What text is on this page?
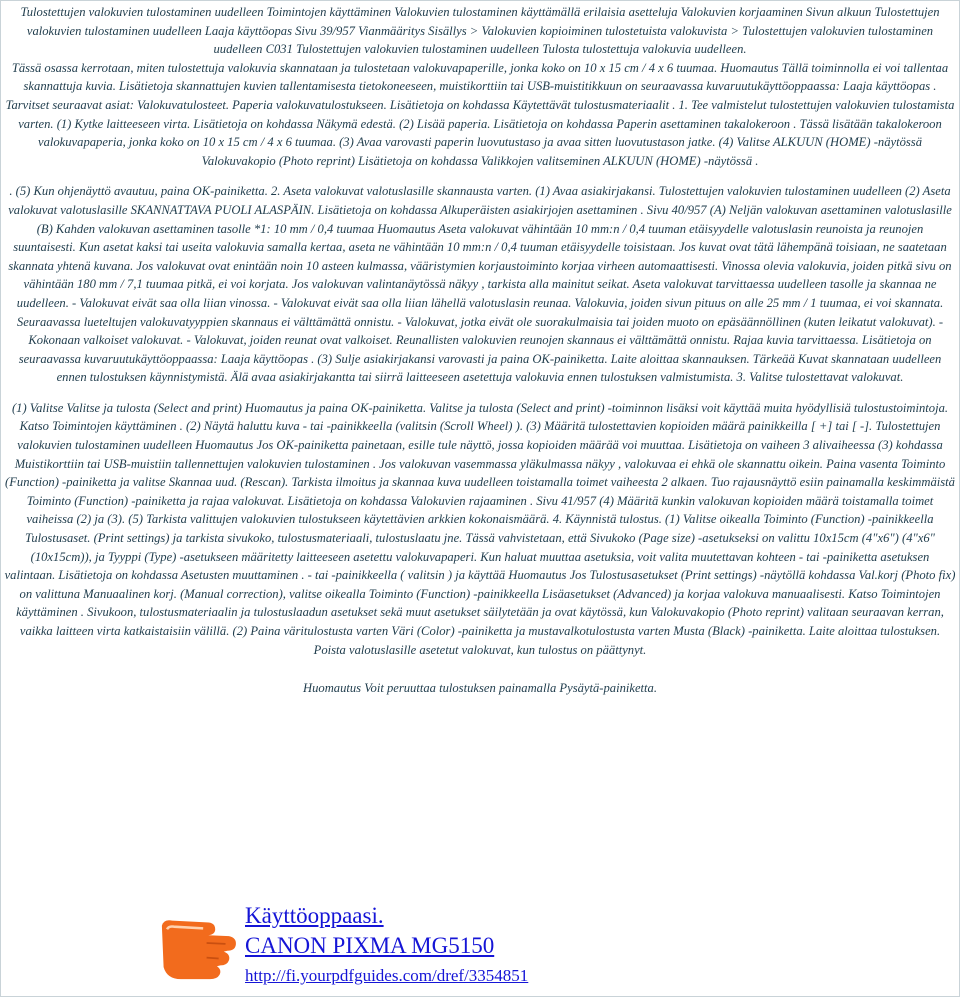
Tulostettujen valokuvien tulostaminen uudelleen Toimintojen käyttäminen Valokuvien tulostaminen käyttämällä erilaisia asetteluja Valokuvien korjaaminen Sivun alkuun Tulostettujen valokuvien tulostaminen uudelleen Laaja käyttöopas Sivu 39/957 Vianmääritys Sisällys > Valokuvien kopioiminen tulostetuista valokuvista > Tulostettujen valokuvien tulostaminen uudelleen C031 Tulostettujen valokuvien tulostaminen uudelleen Tulosta tulostettuja valokuvia uudelleen.

Tässä osassa kerrotaan, miten tulostettuja valokuvia skannataan ja tulostetaan valokuvapaperille, jonka koko on 10 x 15 cm / 4 x 6 tuumaa. Huomautus Tällä toiminnolla ei voi tallentaa skannattuja kuvia. Lisätietoja skannattujen kuvien tallentamisesta tietokoneeseen, muistikorttiin tai USB-muistitikkuun on seuraavassa kuvaruutukäyttöoppaassa: Laaja käyttöopas . Tarvitset seuraavat asiat: Valokuvatulosteet. Paperia valokuvatulostukseen. Lisätietoja on kohdassa Käytettävät tulostusmateriaalit . 1. Tee valmistelut tulostettujen valokuvien tulostamista varten. (1) Kytke laitteeseen virta. Lisätietoja on kohdassa Näkymä edestä. (2) Lisää paperia. Lisätietoja on kohdassa Paperin asettaminen takalokeroon . Tässä lisätään takalokeroon valokuvapaperia, jonka koko on 10 x 15 cm / 4 x 6 tuumaa. (3) Avaa varovasti paperin luovutustaso ja avaa sitten luovutustason jatke. (4) Valitse ALKUUN (HOME) -näytössä Valokuvakopio (Photo reprint) Lisätietoja on kohdassa Valikkojen valitseminen ALKUUN (HOME) -näytössä .

. (5) Kun ohjenäyttö avautuu, paina OK-painiketta. 2. Aseta valokuvat valotuslasille skannausta varten. (1) Avaa asiakirjakansi. Tulostettujen valokuvien tulostaminen uudelleen (2) Aseta valokuvat valotuslasille SKANNATTAVA PUOLI ALASPÄIN. Lisätietoja on kohdassa Alkuperäisten asiakirjojen asettaminen . Sivu 40/957 (A) Neljän valokuvan asettaminen valotuslasille (B) Kahden valokuvan asettaminen tasolle *1: 10 mm / 0,4 tuumaa Huomautus Aseta valokuvat vähintään 10 mm:n / 0,4 tuuman etäisyydelle valotuslasin reunoista ja reunojen suuntaisesti. Kun asetat kaksi tai useita valokuvia samalla kertaa, aseta ne vähintään 10 mm:n / 0,4 tuuman etäisyydelle toisistaan. Jos kuvat ovat tätä lähempänä toisiaan, ne saatetaan skannata yhtenä kuvana. Jos valokuvat ovat enintään noin 10 asteen kulmassa, vääristymien korjaustoiminto korjaa virheen automaattisesti. Vinossa olevia valokuvia, joiden pitkä sivu on vähintään 180 mm / 7,1 tuumaa pitkä, ei voi korjata. Jos valokuvan valintanäytössä näkyy , tarkista alla mainitut seikat. Aseta valokuvat tarvittaessa uudelleen tasolle ja skannaa ne uudelleen. - Valokuvat eivät saa olla liian vinossa. - Valokuvat eivät saa olla liian lähellä valotuslasin reunaa. Valokuvia, joiden sivun pituus on alle 25 mm / 1 tuumaa, ei voi skannata. Seuraavassa lueteltujen valokuvatyyppien skannaus ei välttämättä onnistu. - Valokuvat, jotka eivät ole suorakulmaisia tai joiden muoto on epäsäännöllinen (kuten leikatut valokuvat). - Kokonaan valkoiset valokuvat. - Valokuvat, joiden reunat ovat valkoiset. Reunallisten valokuvien reunojen skannaus ei välttämättä onnistu. Rajaa kuvia tarvittaessa. Lisätietoja on seuraavassa kuvaruutukäyttöoppaassa: Laaja käyttöopas . (3) Sulje asiakirjakansi varovasti ja paina OK-painiketta. Laite aloittaa skannauksen. Tärkeää Kuvat skannataan uudelleen ennen tulostuksen käynnistymistä. Älä avaa asiakirjakantta tai siirrä laitteeseen asetettuja valokuvia ennen tulostuksen valmistumista. 3. Valitse tulostettavat valokuvat.

(1) Valitse Valitse ja tulosta (Select and print) Huomautus ja paina OK-painiketta. Valitse ja tulosta (Select and print) -toiminnon lisäksi voit käyttää muita hyödyllisiä tulostustoimintoja. Katso Toimintojen käyttäminen . (2) Näytä haluttu kuva - tai -painikkeella (valitsin (Scroll Wheel) ). (3) Määritä tulostettavien kopioiden määrä painikkeilla [ +] tai [ -]. Tulostettujen valokuvien tulostaminen uudelleen Huomautus Jos OK-painiketta painetaan, esille tule näyttö, jossa kopioiden määrää voi muuttaa. Lisätietoja on vaiheen 3 alivaiheessa (3) kohdassa Muistikorttiin tai USB-muistiin tallennettujen valokuvien tulostaminen . Jos valokuvan vasemmassa yläkulmassa näkyy , valokuvaa ei ehkä ole skannattu oikein. Paina vasenta Toiminto (Function) -painiketta ja valitse Skannaa uud. (Rescan). Tarkista ilmoitus ja skannaa kuva uudelleen toistamalla toimet vaiheesta 2 alkaen. Tuo rajausnäyttö esiin painamalla keskimmäistä Toiminto (Function) -painiketta ja rajaa valokuvat. Lisätietoja on kohdassa Valokuvien rajaaminen . Sivu 41/957 (4) Määritä kunkin valokuvan kopioiden määrä toistamalla toimet vaiheissa (2) ja (3). (5) Tarkista valittujen valokuvien tulostukseen käytettävien arkkien kokonaismäärä. 4. Käynnistä tulostus. (1) Valitse oikealla Toiminto (Function) -painikkeella Tulostusaset. (Print settings) ja tarkista sivukoko, tulostusmateriaali, tulostuslaatu jne. Tässä vahvistetaan, että Sivukoko (Page size) -asetukseksi on valittu 10x15cm (4"x6") (4"x6" (10x15cm)), ja Tyyppi (Type) -asetukseen määritetty laitteeseen asetettu valokuvapaperi. Kun haluat muuttaa asetuksia, voit valita muutettavan kohteen - tai -painiketta asetuksen valintaan. Lisätietoja on kohdassa Asetusten muuttaminen . - tai -painikkeella ( valitsin ) ja käyttää Huomautus Jos Tulostusasetukset (Print settings) -näytöllä kohdassa Val.korj (Photo fix) on valittuna Manuaalinen korj. (Manual correction), valitse oikealla Toiminto (Function) -painikkeella Lisäasetukset (Advanced) ja korjaa valokuva manuaalisesti. Katso Toimintojen käyttäminen . Sivukoon, tulostusmateriaalin ja tulostuslaadun asetukset sekä muut asetukset säilytetään ja ovat käytössä, kun Valokuvakopio (Photo reprint) valitaan seuraavan kerran, vaikka laitteen virta katkaistaisiin välillä. (2) Paina väritulostusta varten Väri (Color) -painiketta ja mustavalkotulostusta varten Musta (Black) -painiketta. Laite aloittaa tulostuksen. Poista valotuslasille asetetut valokuvat, kun tulostus on päättynyt.

Huomautus Voit peruuttaa tulostuksen painamalla Pysäytä-painiketta.

Käyttöoppaasi.
CANON PIXMA MG5150
http://fi.yourpdfguides.com/dref/3354851
